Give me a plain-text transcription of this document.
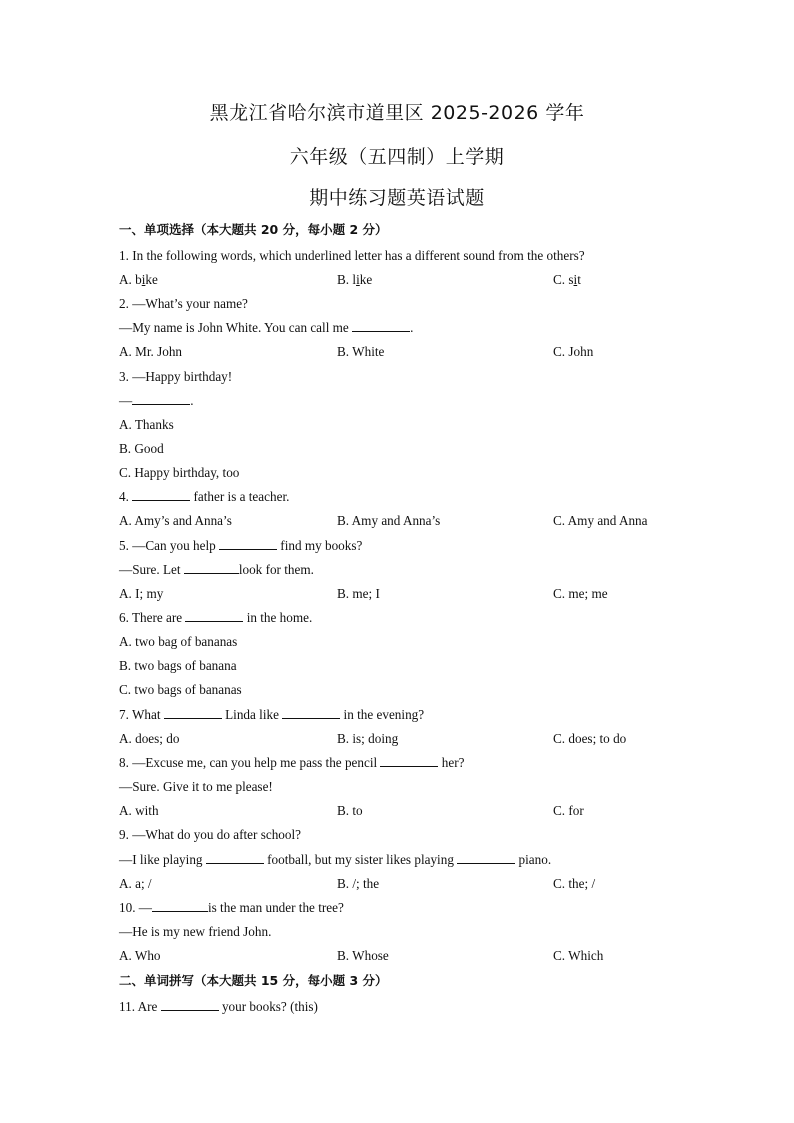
黑龙江省哈尔滨市道里区 2025-2026 学年
六年级（五四制）上学期
期中练习题英语试题
一、单项选择（本大题共 20 分，每小题 2 分）
1. In the following words, which underlined letter has a different sound from the others?
A. bike	B. like	C. sit
2. —What’s your name?
—My name is John White. You can call me	.
A. Mr. John	B. White	C. John
3. —Happy birthday!
—	.
A. Thanks
B. Good
C. Happy birthday, too
4.	father is a teacher.
A. Amy’s and Anna’s	B. Amy and Anna’s	C. Amy and Anna
5. —Can you help	find my books?
—Sure. Let	look for them.
A. I; my	B. me; I	C. me; me
6. There are	in the home.
A. two bag of bananas
B. two bags of banana
C. two bags of bananas
7. What	Linda like	in the evening?
A. does; do	B. is; doing	C. does; to do
8. —Excuse me, can you help me pass the pencil	her?
—Sure. Give it to me please!
A. with	B. to	C. for
9. —What do you do after school?
—I like playing	football, but my sister likes playing	piano.
A. a; /	B. /; the	C. the; /
10. —	is the man under the tree?
—He is my new friend John.
A. Who	B. Whose	C. Which
二、单词拼写（本大题共 15 分，每小题 3 分）
11. Are	your books? (this)
